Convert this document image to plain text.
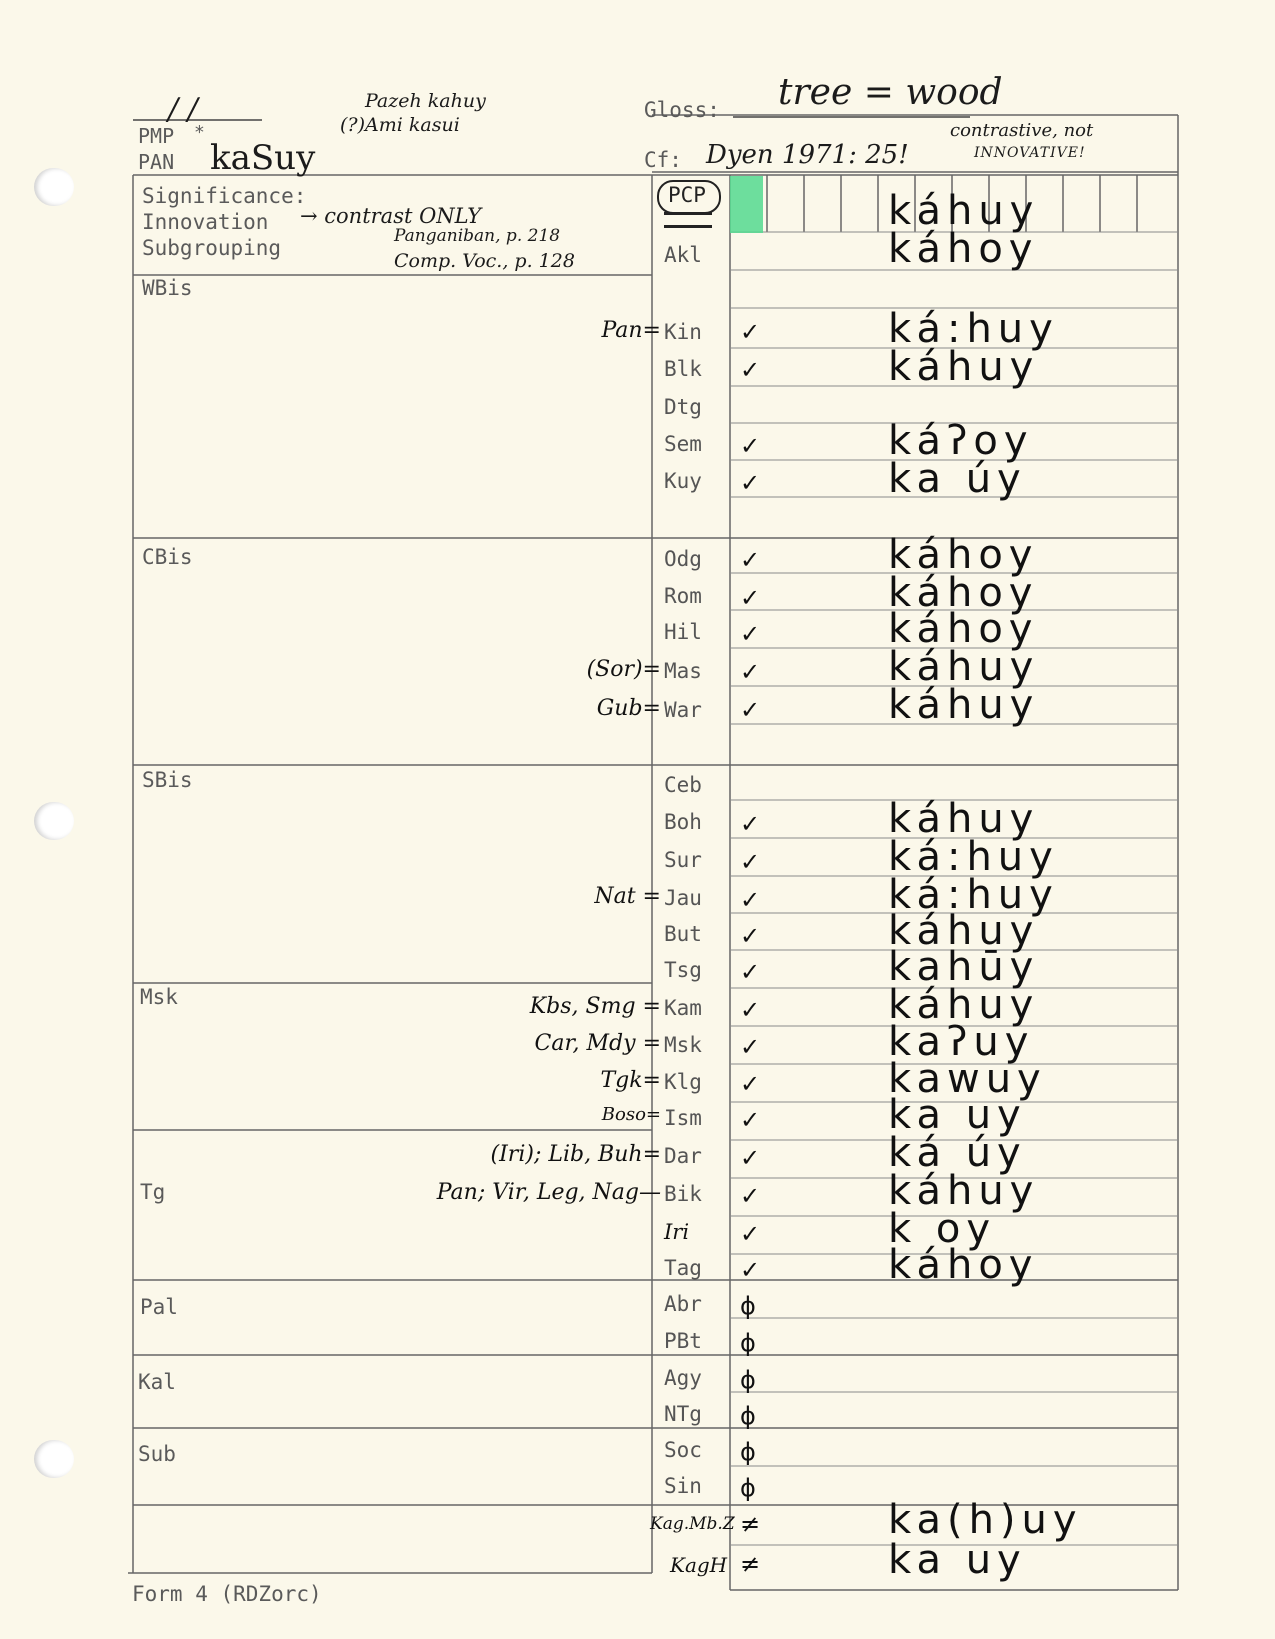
/ /
PMP *
PAN kaSuy
Pazeh kahuy
(?)Ami kasui
Gloss: tree = wood
Cf: Dyen 1971: 25!
contrastive, not
INNOVATIVE!
Significance:
Innovation → contrast ONLY
Subgrouping	Panganiban, p. 218
Comp. Voc., p. 128
WBis
CBis
SBis
Msk
Tg
Pal
Kal
Sub
PCP	káhuy
Akl	káhoy
Pan= Kin	✓	ká:huy
Blk	✓	káhuy
Dtg
Sem	✓	káʔoy
Kuy	✓	ka úy
Odg	✓	káhoy
Rom	✓	káhoy
Hil	✓	káhoy
(Sor)= Mas	✓	káhuy
Gub= War	✓	káhuy
Ceb
Boh	✓	káhuy
Sur	✓	ká:huy
Nat = Jau	✓	ká:huy
But	✓	káhuy
Tsg	✓	kahūy
Kbs, Smg = Kam	✓	káhuy
Car, Mdy = Msk	✓	kaʔuy
Tgk= Klg	✓	kawuy
Boso= Ism	✓	ka uy
(Iri); Lib, Buh= Dar	✓	ká úy
Pan; Vir, Leg, Nag— Bik	✓	káhuy
Iri	✓	k oy
Tag	✓	káhoy
Abr	ϕ
PBt	ϕ
Agy	ϕ
NTg	ϕ
Soc	ϕ
Sin	ϕ
Kag.Mb.Z ≠	ka(h)uy
KagH ≠	ka uy
Form 4 (RDZorc)
